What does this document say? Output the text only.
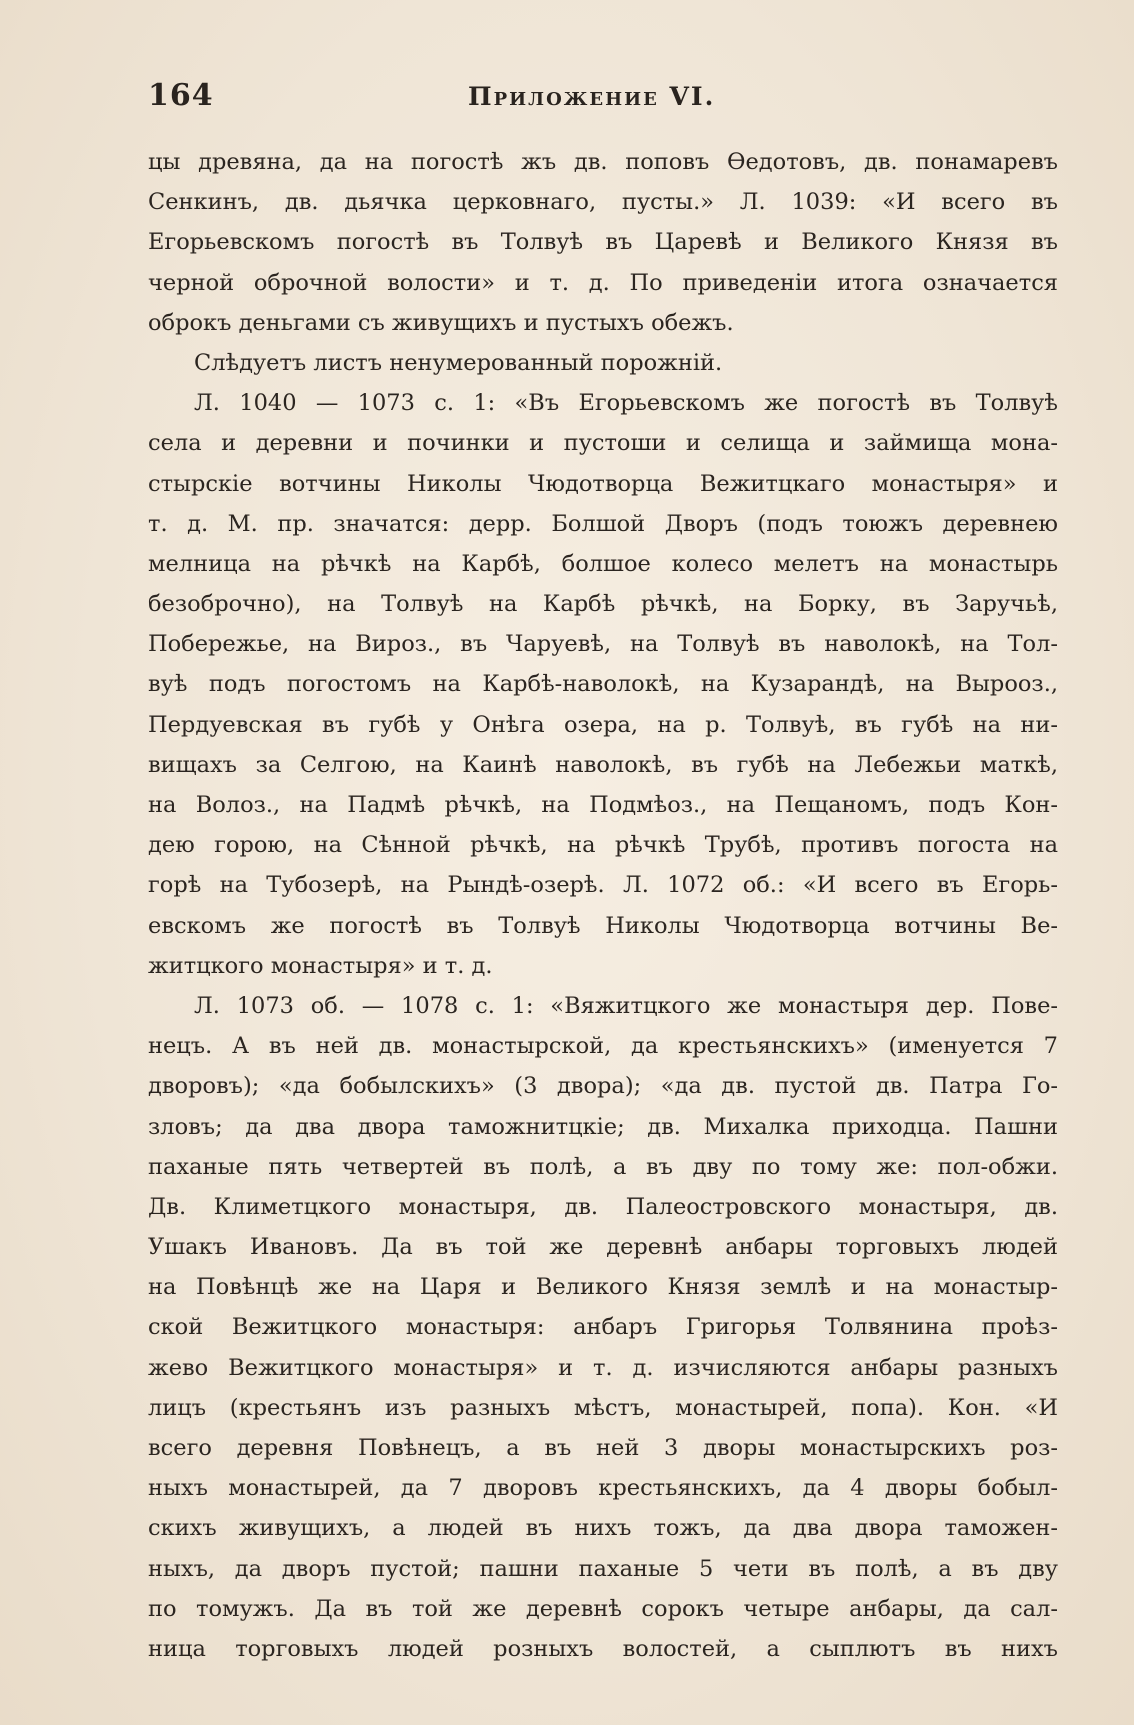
164	Приложение VI.
цы древяна, да на погостѣ жъ дв. поповъ Ѳедотовъ, дв. понамаревъ
Сенкинъ, дв. дьячка церковнаго, пусты.» Л. 1039: «И всего въ
Егорьевскомъ погостѣ въ Толвуѣ въ Царевѣ и Великого Князя въ
черной оброчной волости» и т. д. По приведеніи итога означается
оброкъ деньгами съ живущихъ и пустыхъ обежъ.
Слѣдуетъ листъ ненумерованный порожній.
Л. 1040 — 1073 с. 1: «Въ Егорьевскомъ же погостѣ въ Толвуѣ
села и деревни и починки и пустоши и селища и займища мона-
стырскіе вотчины Николы Чюдотворца Вежитцкаго монастыря» и
т. д. М. пр. значатся: дерр. Болшой Дворъ (подъ тоюжъ деревнею
мелница на рѣчкѣ на Карбѣ, болшое колесо мелетъ на монастырь
безоброчно), на Толвуѣ на Карбѣ рѣчкѣ, на Борку, въ Заручьѣ,
Побережье, на Вироз., въ Чаруевѣ, на Толвуѣ въ наволокѣ, на Тол-
вуѣ подъ погостомъ на Карбѣ-наволокѣ, на Кузарандѣ, на Вырооз.,
Пердуевская въ губѣ у Онѣга озера, на р. Толвуѣ, въ губѣ на ни-
вищахъ за Селгою, на Каинѣ наволокѣ, въ губѣ на Лебежьи маткѣ,
на Волоз., на Падмѣ рѣчкѣ, на Подмѣоз., на Пещаномъ, подъ Кон-
дею горою, на Сѣнной рѣчкѣ, на рѣчкѣ Трубѣ, противъ погоста на
горѣ на Тубозерѣ, на Рындѣ-озерѣ. Л. 1072 об.: «И всего въ Егорь-
евскомъ же погостѣ въ Толвуѣ Николы Чюдотворца вотчины Ве-
житцкого монастыря» и т. д.
Л. 1073 об. — 1078 с. 1: «Вяжитцкого же монастыря дер. Пове-
нецъ. А въ ней дв. монастырской, да крестьянскихъ» (именуется 7
дворовъ); «да бобылскихъ» (3 двора); «да дв. пустой дв. Патра Го-
зловъ; да два двора таможнитцкіе; дв. Михалка приходца. Пашни
паханые пять четвертей въ полѣ, а въ дву по тому же: пол-обжи.
Дв. Климетцкого монастыря, дв. Палеостровского монастыря, дв.
Ушакъ Ивановъ. Да въ той же деревнѣ анбары торговыхъ людей
на Повѣнцѣ же на Царя и Великого Князя землѣ и на монастыр-
ской Вежитцкого монастыря: анбаръ Григорья Толвянина проѣз-
жево Вежитцкого монастыря» и т. д. изчисляются анбары разныхъ
лицъ (крестьянъ изъ разныхъ мѣстъ, монастырей, попа). Кон. «И
всего деревня Повѣнецъ, а въ ней 3 дворы монастырскихъ роз-
ныхъ монастырей, да 7 дворовъ крестьянскихъ, да 4 дворы бобыл-
скихъ живущихъ, а людей въ нихъ тожъ, да два двора таможен-
ныхъ, да дворъ пустой; пашни паханые 5 чети въ полѣ, а въ дву
по томужъ. Да въ той же деревнѣ сорокъ четыре анбары, да сал-
ница торговыхъ людей розныхъ волостей, а сыплютъ въ нихъ
